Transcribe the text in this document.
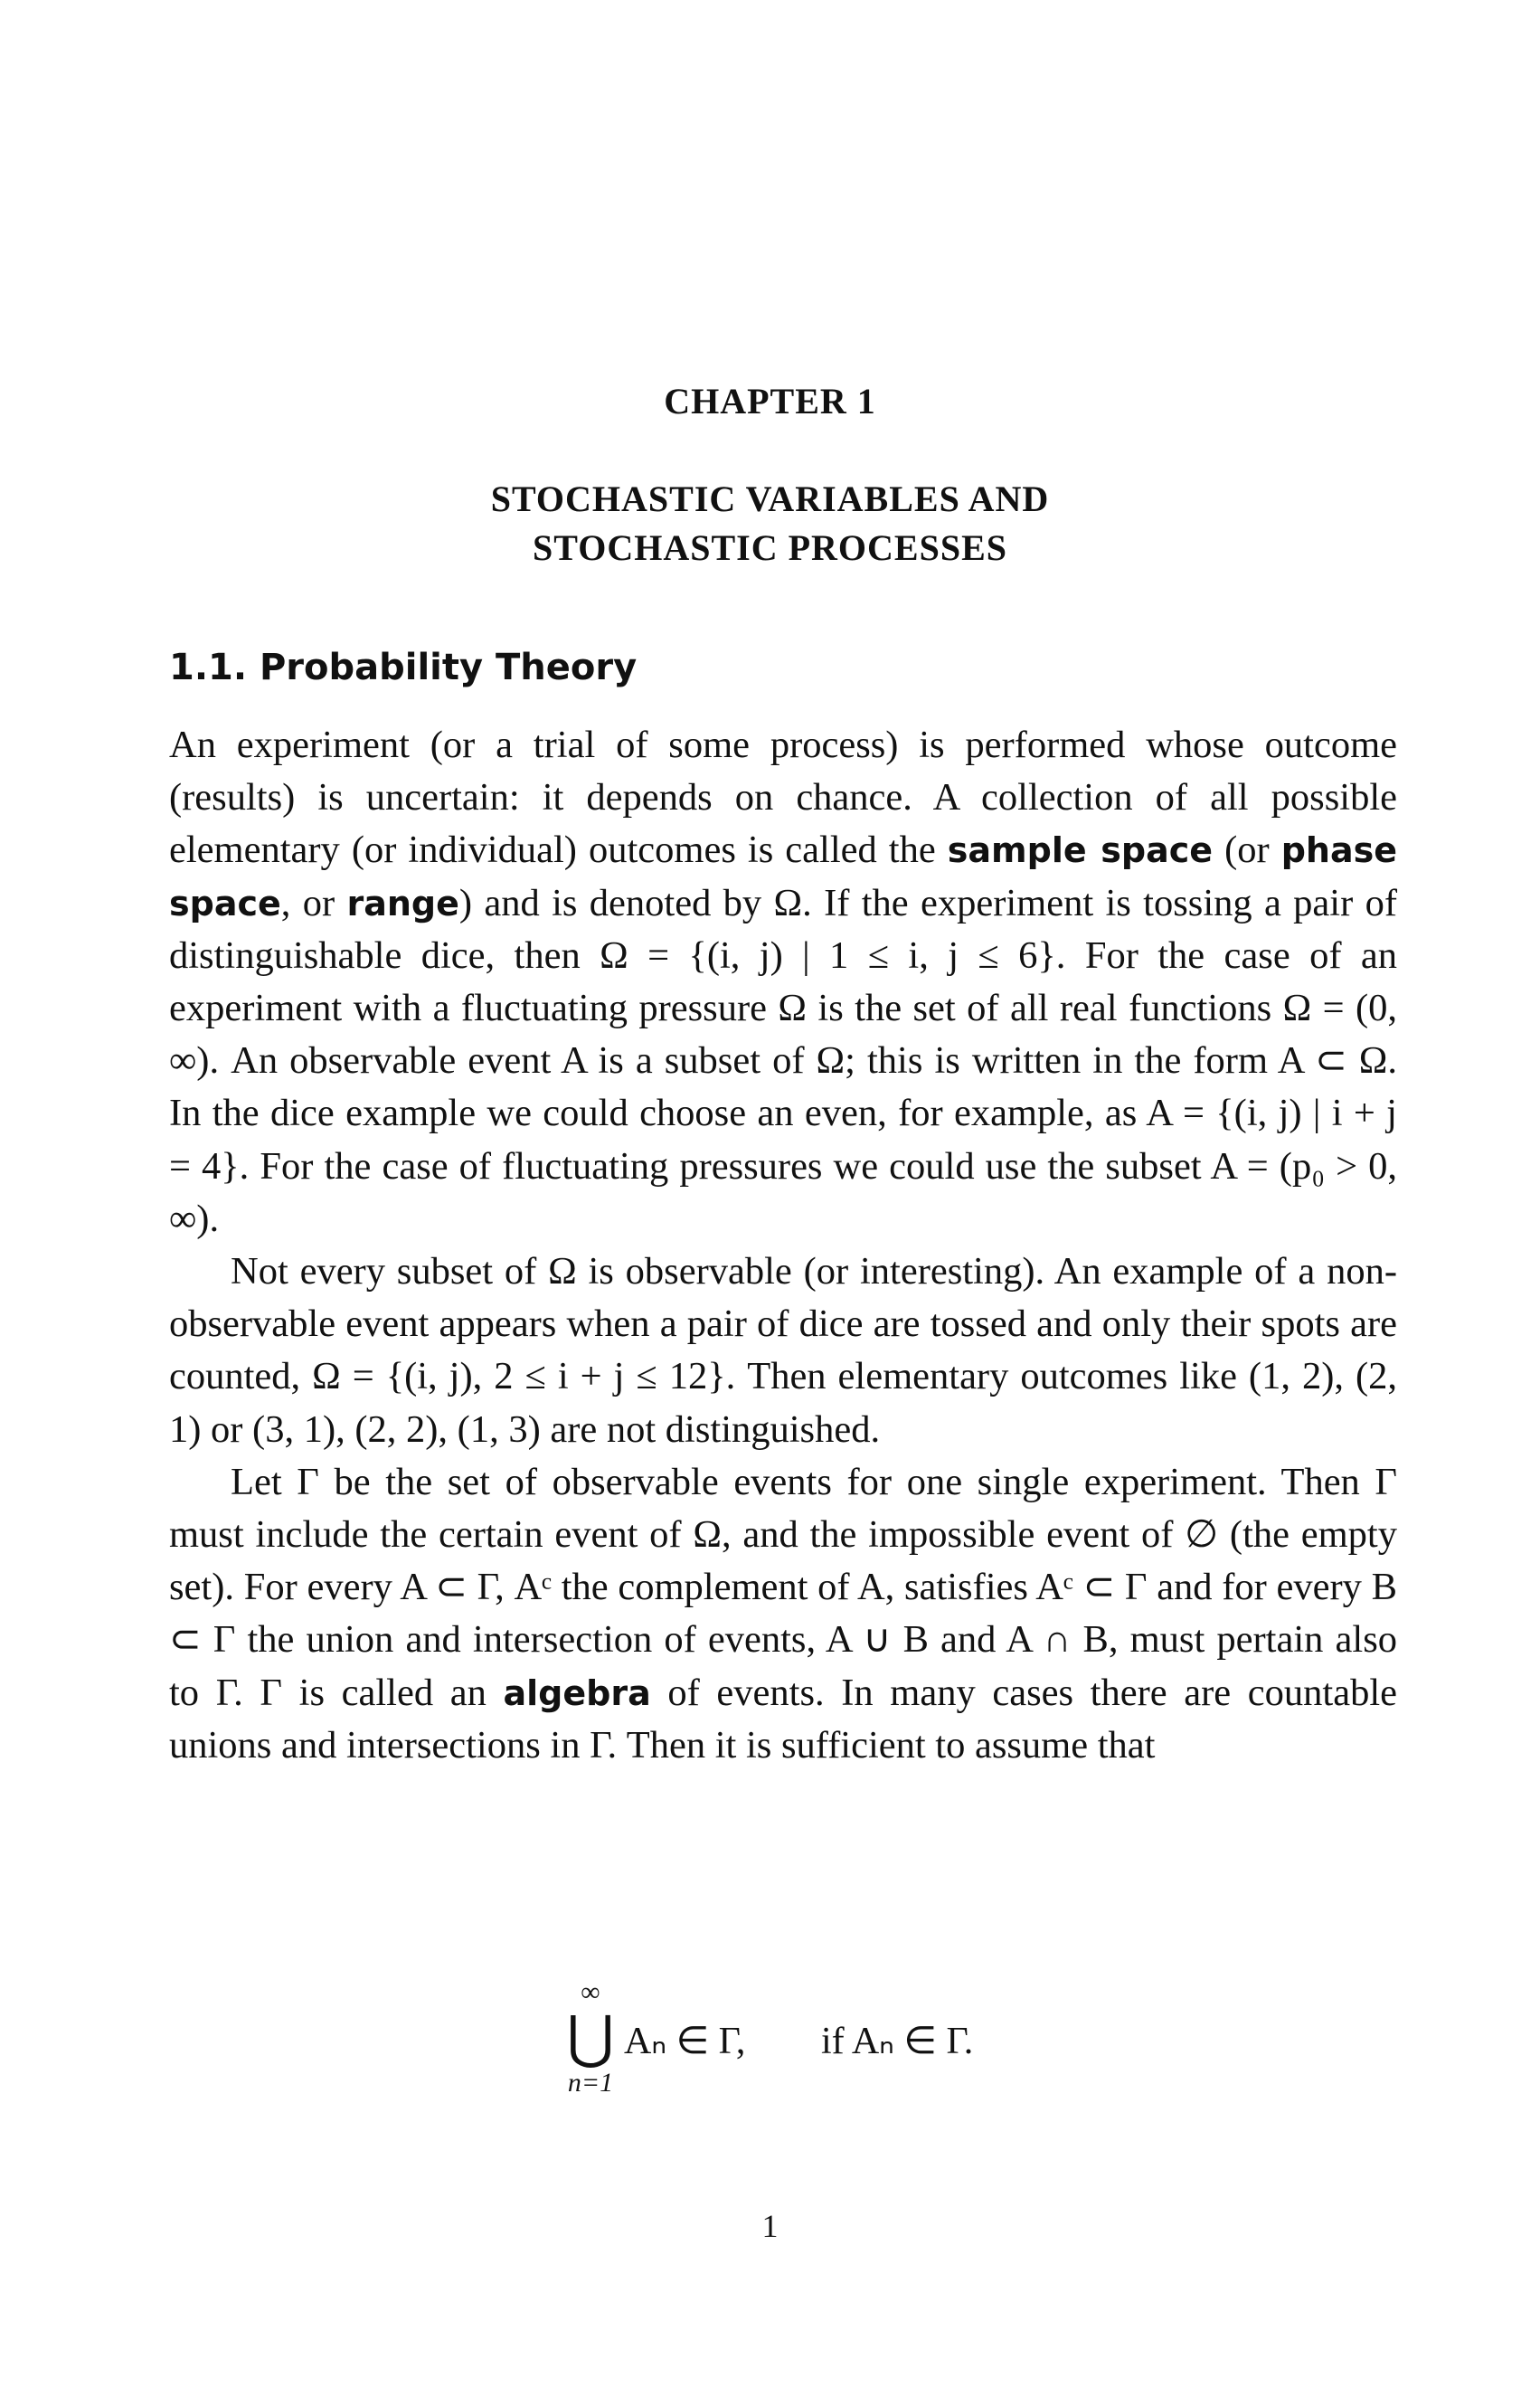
CHAPTER 1
STOCHASTIC VARIABLES AND
STOCHASTIC PROCESSES
1.1. Probability Theory

An experiment (or a trial of some process) is performed whose outcome (results) is uncertain: it depends on chance. A collection of all possible elementary (or individual) outcomes is called the sample space (or phase space, or range) and is denoted by Ω. If the experiment is tossing a pair of distinguishable dice, then Ω = {(i, j) | 1 ≤ i, j ≤ 6}. For the case of an experiment with a fluctuating pressure Ω is the set of all real functions Ω = (0, ∞). An observable event A is a subset of Ω; this is written in the form A ⊂ Ω. In the dice example we could choose an even, for example, as A = {(i, j) | i + j = 4}. For the case of fluctuating pressures we could use the subset A = (p₀ > 0, ∞).

Not every subset of Ω is observable (or interesting). An example of a non-observable event appears when a pair of dice are tossed and only their spots are counted, Ω = {(i, j), 2 ≤ i + j ≤ 12}. Then elementary outcomes like (1, 2), (2, 1) or (3, 1), (2, 2), (1, 3) are not distinguished.

Let Γ be the set of observable events for one single experiment. Then Γ must include the certain event of Ω, and the impossible event of ∅ (the empty set). For every A ⊂ Γ, Aᶜ the complement of A, satisfies Aᶜ ⊂ Γ and for every B ⊂ Γ the union and intersection of events, A ∪ B and A ∩ B, must pertain also to Γ. Γ is called an algebra of events. In many cases there are countable unions and intersections in Γ. Then it is sufficient to assume that

∞
⋃
n=1
Aₙ ∈ Γ, if Aₙ ∈ Γ.
1
